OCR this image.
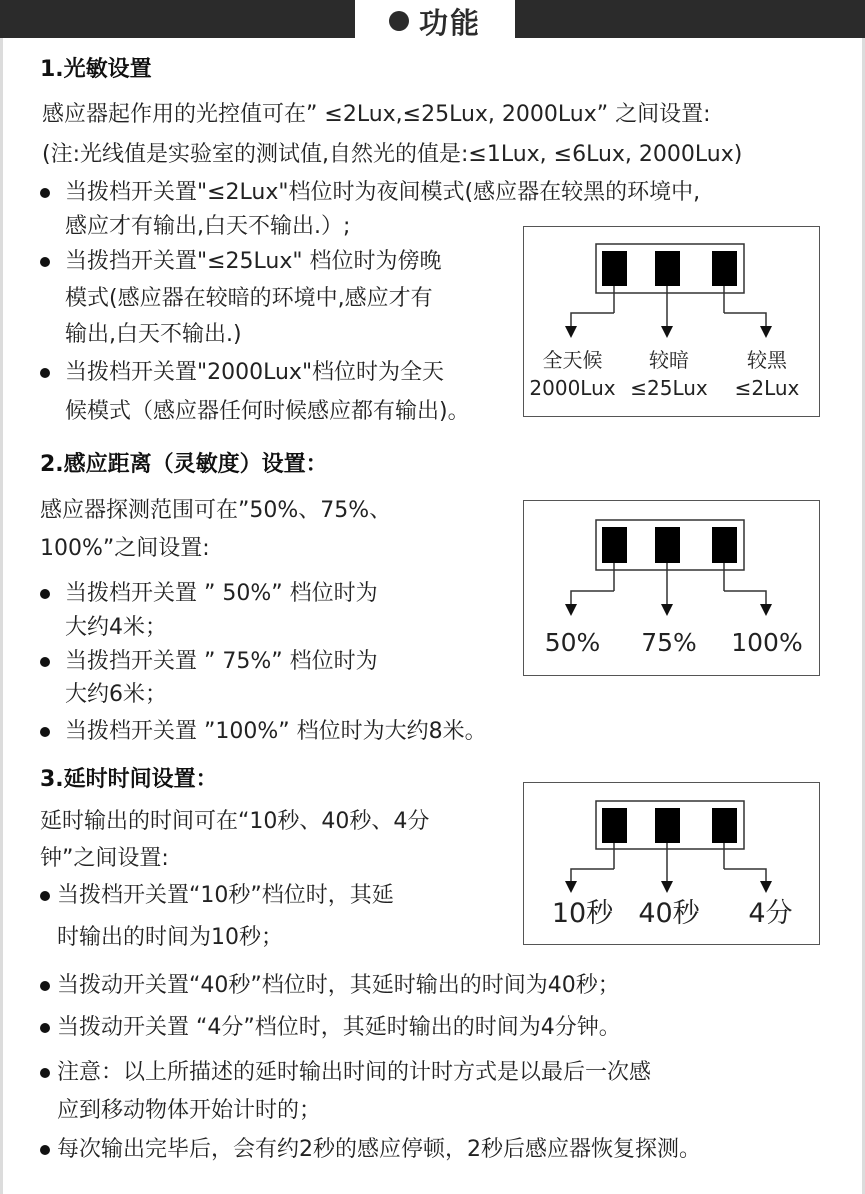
功能
1.光敏设置
感应器起作用的光控值可在” ≤2Lux,≤25Lux, 2000Lux” 之间设置:
(注:光线值是实验室的测试值,自然光的值是:≤1Lux, ≤6Lux, 2000Lux)
当拨档开关置"≤2Lux"档位时为夜间模式(感应器在较黑的环境中,
感应才有输出,白天不输出.）;
当拨挡开关置"≤25Lux" 档位时为傍晚
模式(感应器在较暗的环境中,感应才有
输出,白天不输出.)
当拨档开关置"2000Lux"档位时为全天
候模式（感应器任何时候感应都有输出)。
全天候
2000Lux
较暗
≤25Lux
较黑
≤2Lux
2.感应距离（灵敏度）设置：
感应器探测范围可在”50%、75%、
100%”之间设置:
当拨档开关置 ” 50%” 档位时为
大约4米；
当拨挡开关置 ” 75%” 档位时为
大约6米；
当拨档开关置 ”100%” 档位时为大约8米。
50%	75%	100%
3.延时时间设置：
延时输出的时间可在“10秒、40秒、4分
钟”之间设置:
当拨档开关置“10秒”档位时，其延
时输出的时间为10秒；
当拨动开关置“40秒”档位时，其延时输出的时间为40秒；
当拨动开关置 “4分”档位时，其延时输出的时间为4分钟。
注意：以上所描述的延时输出时间的计时方式是以最后一次感
应到移动物体开始计时的；
每次输出完毕后，会有约2秒的感应停顿，2秒后感应器恢复探测。
10秒 40秒	4分
